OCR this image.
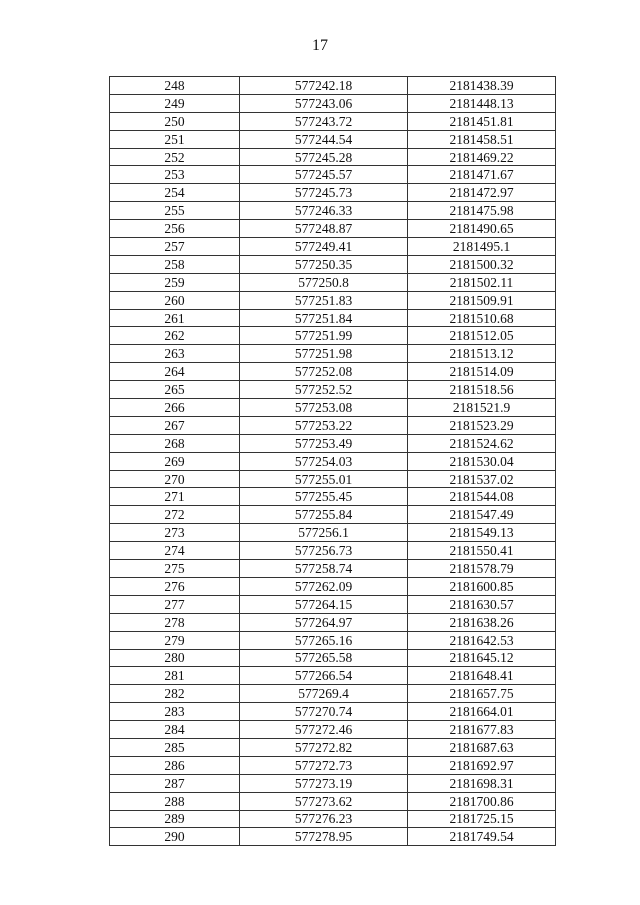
17
248	577242.18	2181438.39
249	577243.06	2181448.13
250	577243.72	2181451.81
251	577244.54	2181458.51
252	577245.28	2181469.22
253	577245.57	2181471.67
254	577245.73	2181472.97
255	577246.33	2181475.98
256	577248.87	2181490.65
257	577249.41	2181495.1
258	577250.35	2181500.32
259	577250.8	2181502.11
260	577251.83	2181509.91
261	577251.84	2181510.68
262	577251.99	2181512.05
263	577251.98	2181513.12
264	577252.08	2181514.09
265	577252.52	2181518.56
266	577253.08	2181521.9
267	577253.22	2181523.29
268	577253.49	2181524.62
269	577254.03	2181530.04
270	577255.01	2181537.02
271	577255.45	2181544.08
272	577255.84	2181547.49
273	577256.1	2181549.13
274	577256.73	2181550.41
275	577258.74	2181578.79
276	577262.09	2181600.85
277	577264.15	2181630.57
278	577264.97	2181638.26
279	577265.16	2181642.53
280	577265.58	2181645.12
281	577266.54	2181648.41
282	577269.4	2181657.75
283	577270.74	2181664.01
284	577272.46	2181677.83
285	577272.82	2181687.63
286	577272.73	2181692.97
287	577273.19	2181698.31
288	577273.62	2181700.86
289	577276.23	2181725.15
290	577278.95	2181749.54
